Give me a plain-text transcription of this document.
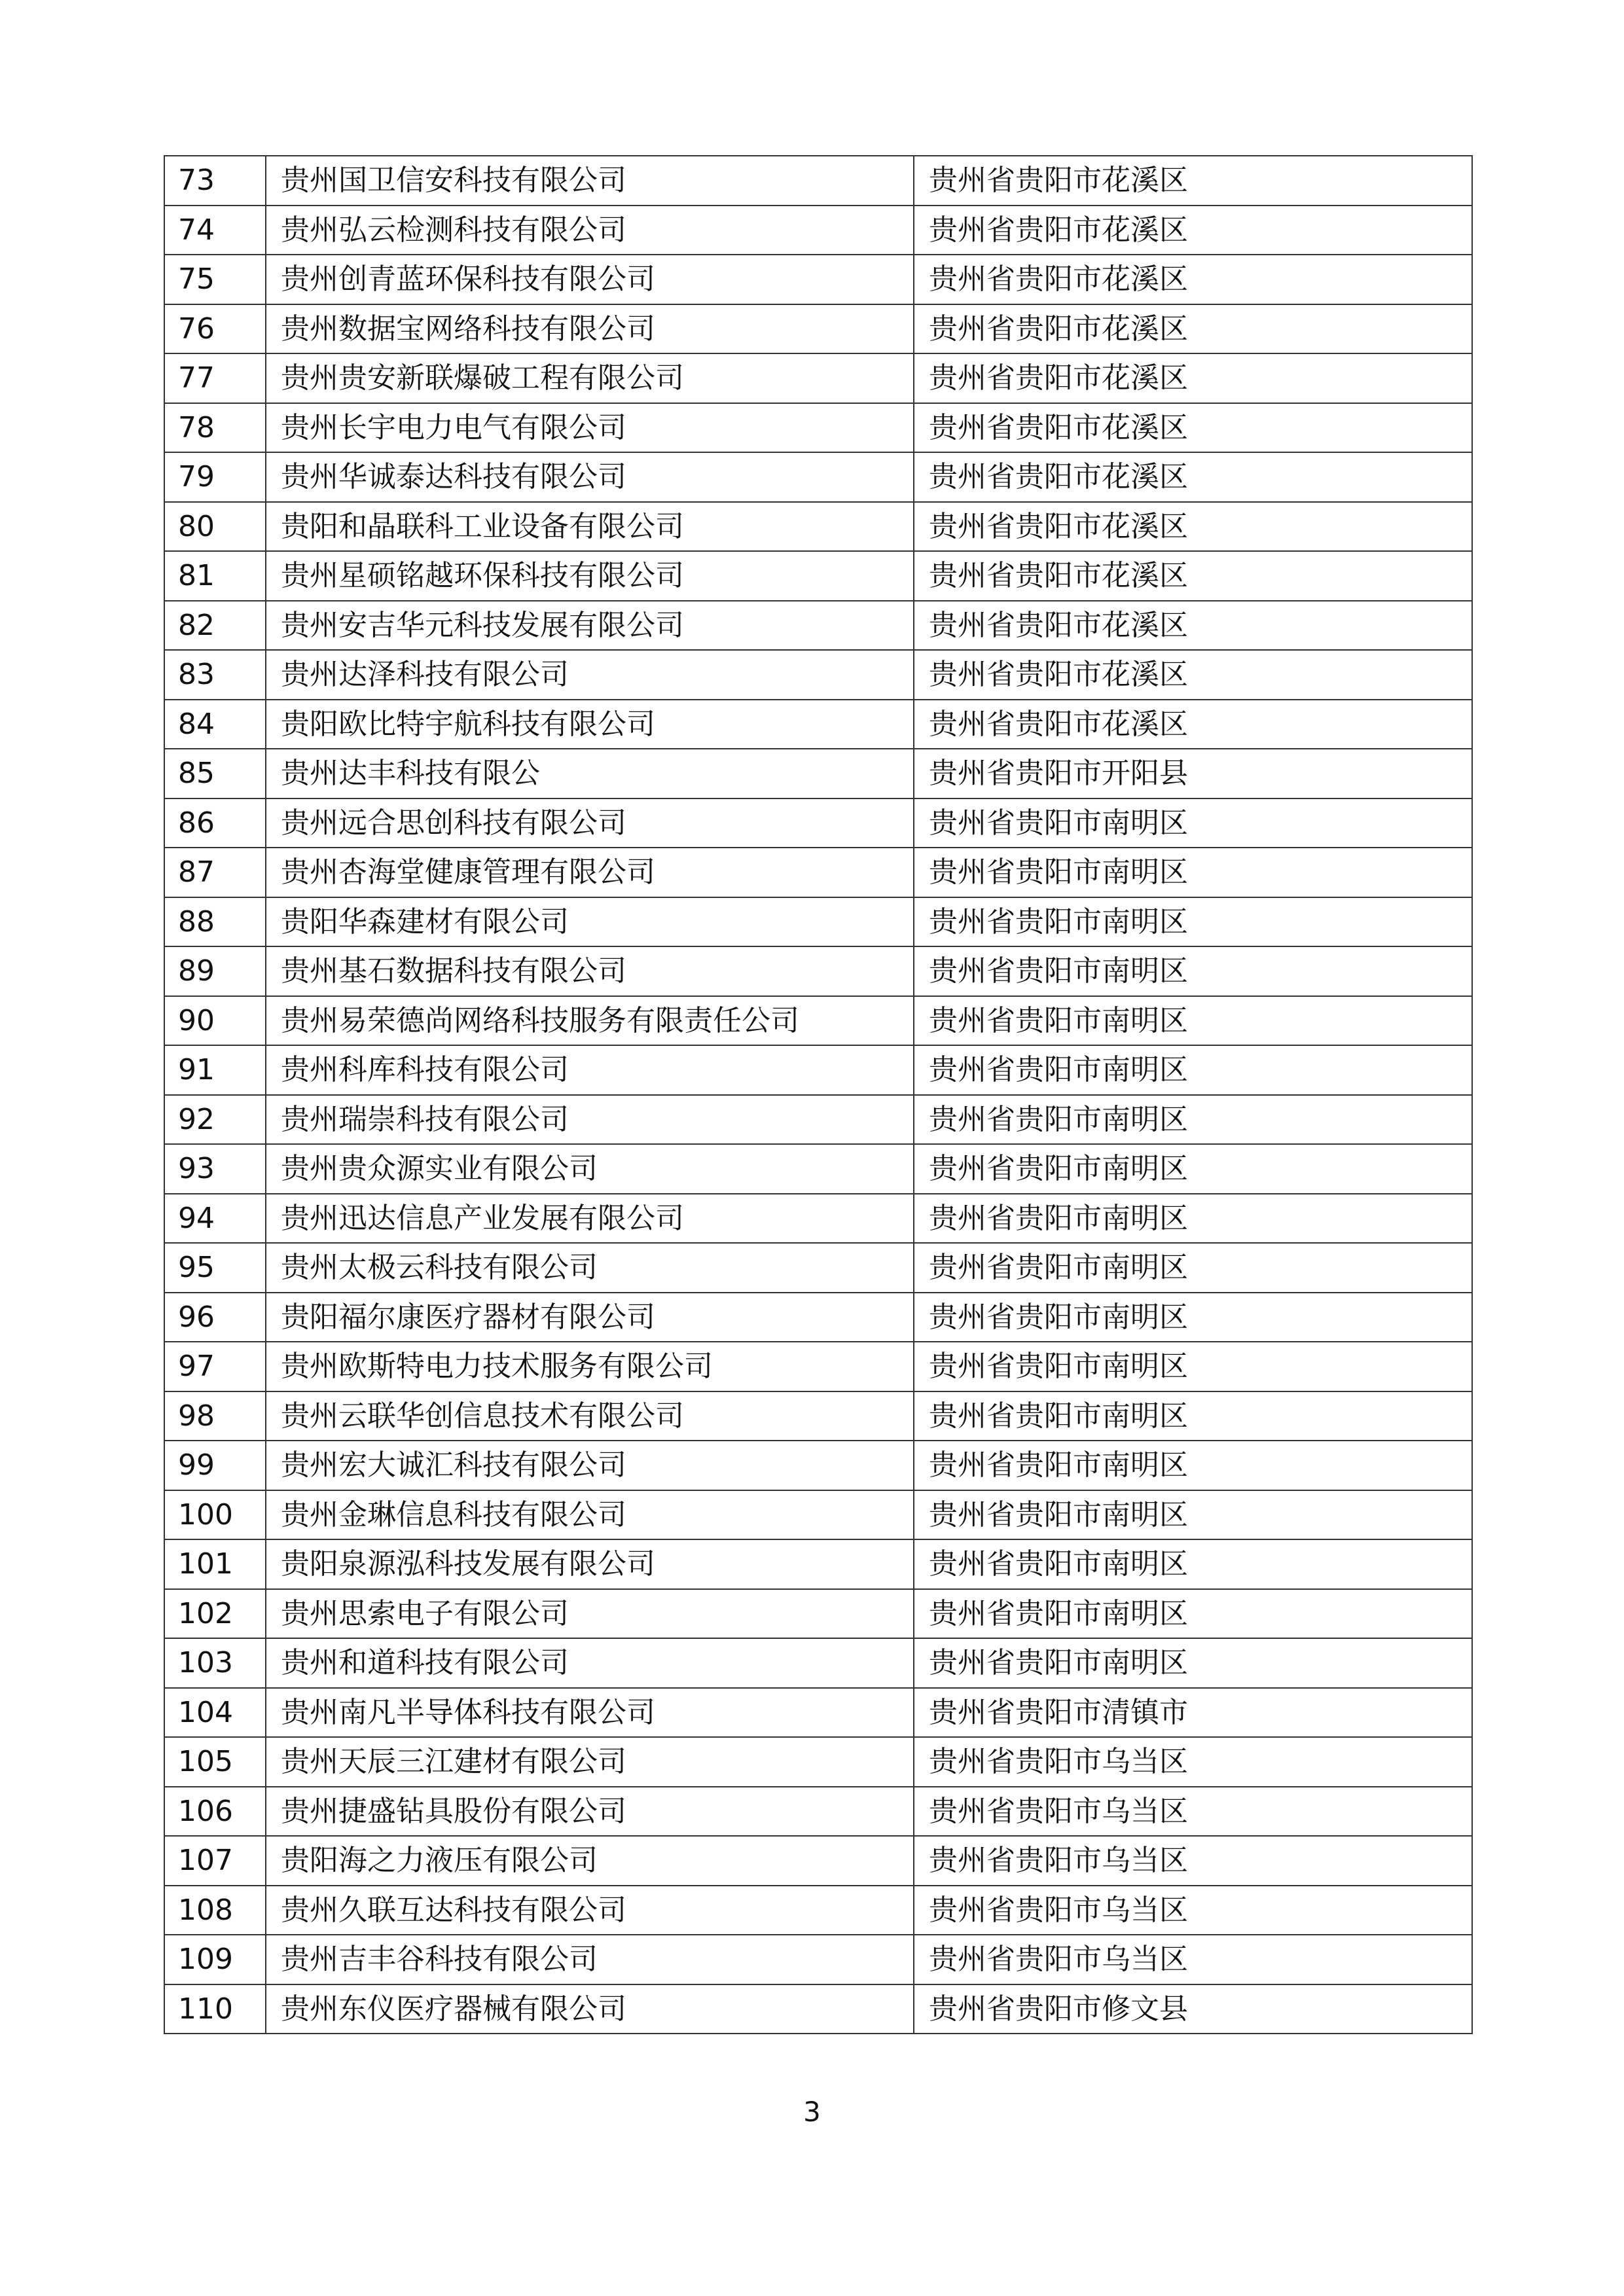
73	贵州国卫信安科技有限公司	贵州省贵阳市花溪区
74	贵州弘云检测科技有限公司	贵州省贵阳市花溪区
75	贵州创青蓝环保科技有限公司	贵州省贵阳市花溪区
76	贵州数据宝网络科技有限公司	贵州省贵阳市花溪区
77	贵州贵安新联爆破工程有限公司	贵州省贵阳市花溪区
78	贵州长宇电力电气有限公司	贵州省贵阳市花溪区
79	贵州华诚泰达科技有限公司	贵州省贵阳市花溪区
80	贵阳和晶联科工业设备有限公司	贵州省贵阳市花溪区
81	贵州星硕铭越环保科技有限公司	贵州省贵阳市花溪区
82	贵州安吉华元科技发展有限公司	贵州省贵阳市花溪区
83	贵州达泽科技有限公司	贵州省贵阳市花溪区
84	贵阳欧比特宇航科技有限公司	贵州省贵阳市花溪区
85	贵州达丰科技有限公	贵州省贵阳市开阳县
86	贵州远合思创科技有限公司	贵州省贵阳市南明区
87	贵州杏海堂健康管理有限公司	贵州省贵阳市南明区
88	贵阳华森建材有限公司	贵州省贵阳市南明区
89	贵州基石数据科技有限公司	贵州省贵阳市南明区
90	贵州易荣德尚网络科技服务有限责任公司	贵州省贵阳市南明区
91	贵州科库科技有限公司	贵州省贵阳市南明区
92	贵州瑞崇科技有限公司	贵州省贵阳市南明区
93	贵州贵众源实业有限公司	贵州省贵阳市南明区
94	贵州迅达信息产业发展有限公司	贵州省贵阳市南明区
95	贵州太极云科技有限公司	贵州省贵阳市南明区
96	贵阳福尔康医疗器材有限公司	贵州省贵阳市南明区
97	贵州欧斯特电力技术服务有限公司	贵州省贵阳市南明区
98	贵州云联华创信息技术有限公司	贵州省贵阳市南明区
99	贵州宏大诚汇科技有限公司	贵州省贵阳市南明区
100	贵州金琳信息科技有限公司	贵州省贵阳市南明区
101	贵阳泉源泓科技发展有限公司	贵州省贵阳市南明区
102	贵州思索电子有限公司	贵州省贵阳市南明区
103	贵州和道科技有限公司	贵州省贵阳市南明区
104	贵州南凡半导体科技有限公司	贵州省贵阳市清镇市
105	贵州天辰三江建材有限公司	贵州省贵阳市乌当区
106	贵州捷盛钻具股份有限公司	贵州省贵阳市乌当区
107	贵阳海之力液压有限公司	贵州省贵阳市乌当区
108	贵州久联互达科技有限公司	贵州省贵阳市乌当区
109	贵州吉丰谷科技有限公司	贵州省贵阳市乌当区
110	贵州东仪医疗器械有限公司	贵州省贵阳市修文县
3
